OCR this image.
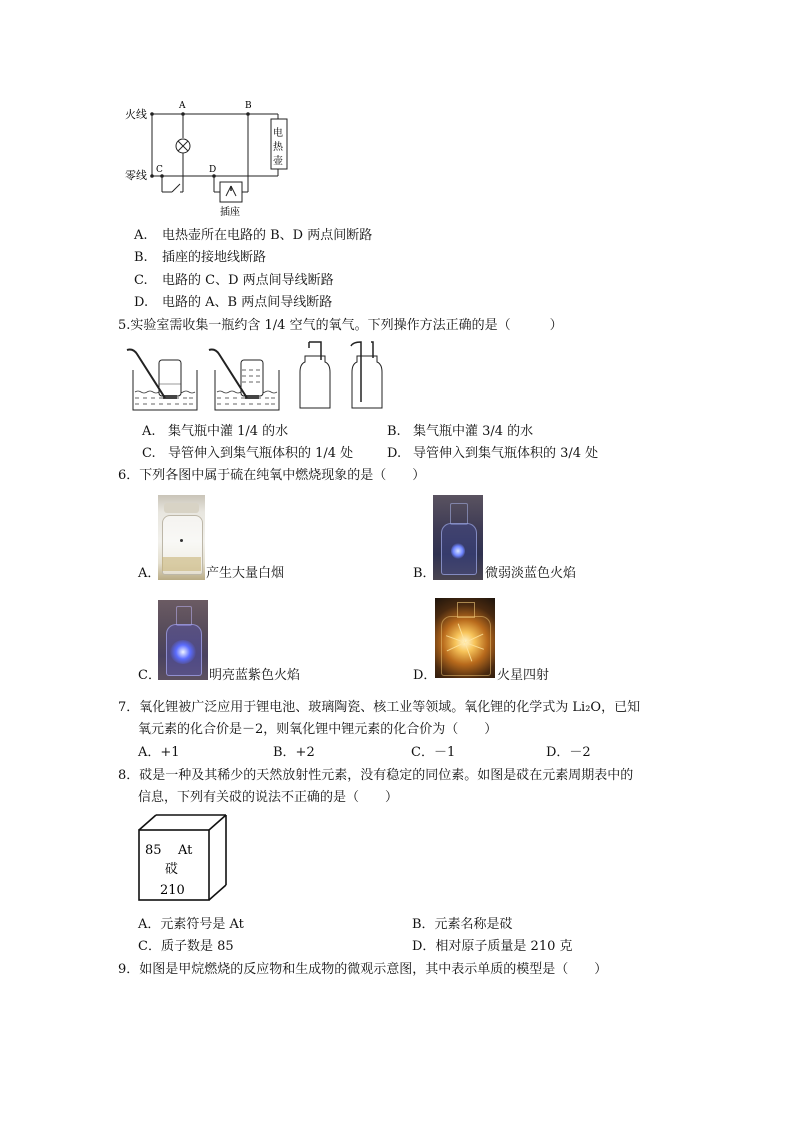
火线
零线
A	B
电
热
壶
C	D
插座
A. 电热壶所在电路的 B、D 两点间断路
B. 插座的接地线断路
C. 电路的 C、D 两点间导线断路
D. 电路的 A、B 两点间导线断路
5.实验室需收集一瓶约含 1/4 空气的氧气。下列操作方法正确的是（　　　）
A. 集气瓶中灌 1/4 的水	B. 集气瓶中灌 3/4 的水
C. 导管伸入到集气瓶体积的 1/4 处	D. 导管伸入到集气瓶体积的 3/4 处
6．下列各图中属于硫在纯氧中燃烧现象的是（　　）
A．	产生大量白烟	B．	微弱淡蓝色火焰
C．	明亮蓝紫色火焰	D．	火星四射
7．氧化锂被广泛应用于锂电池、玻璃陶瓷、核工业等领域。氧化锂的化学式为 Li₂O，已知
氧元素的化合价是－2，则氧化锂中锂元素的化合价为（　　）
A．+1	B．+2	C．－1	D．－2
8．砹是一种及其稀少的天然放射性元素，没有稳定的同位素。如图是砹在元素周期表中的
信息，下列有关砹的说法不正确的是（　　）
85 At
砹
210
A．元素符号是 At	B．元素名称是砹
C．质子数是 85	D．相对原子质量是 210 克
9．如图是甲烷燃烧的反应物和生成物的微观示意图，其中表示单质的模型是（　　）
